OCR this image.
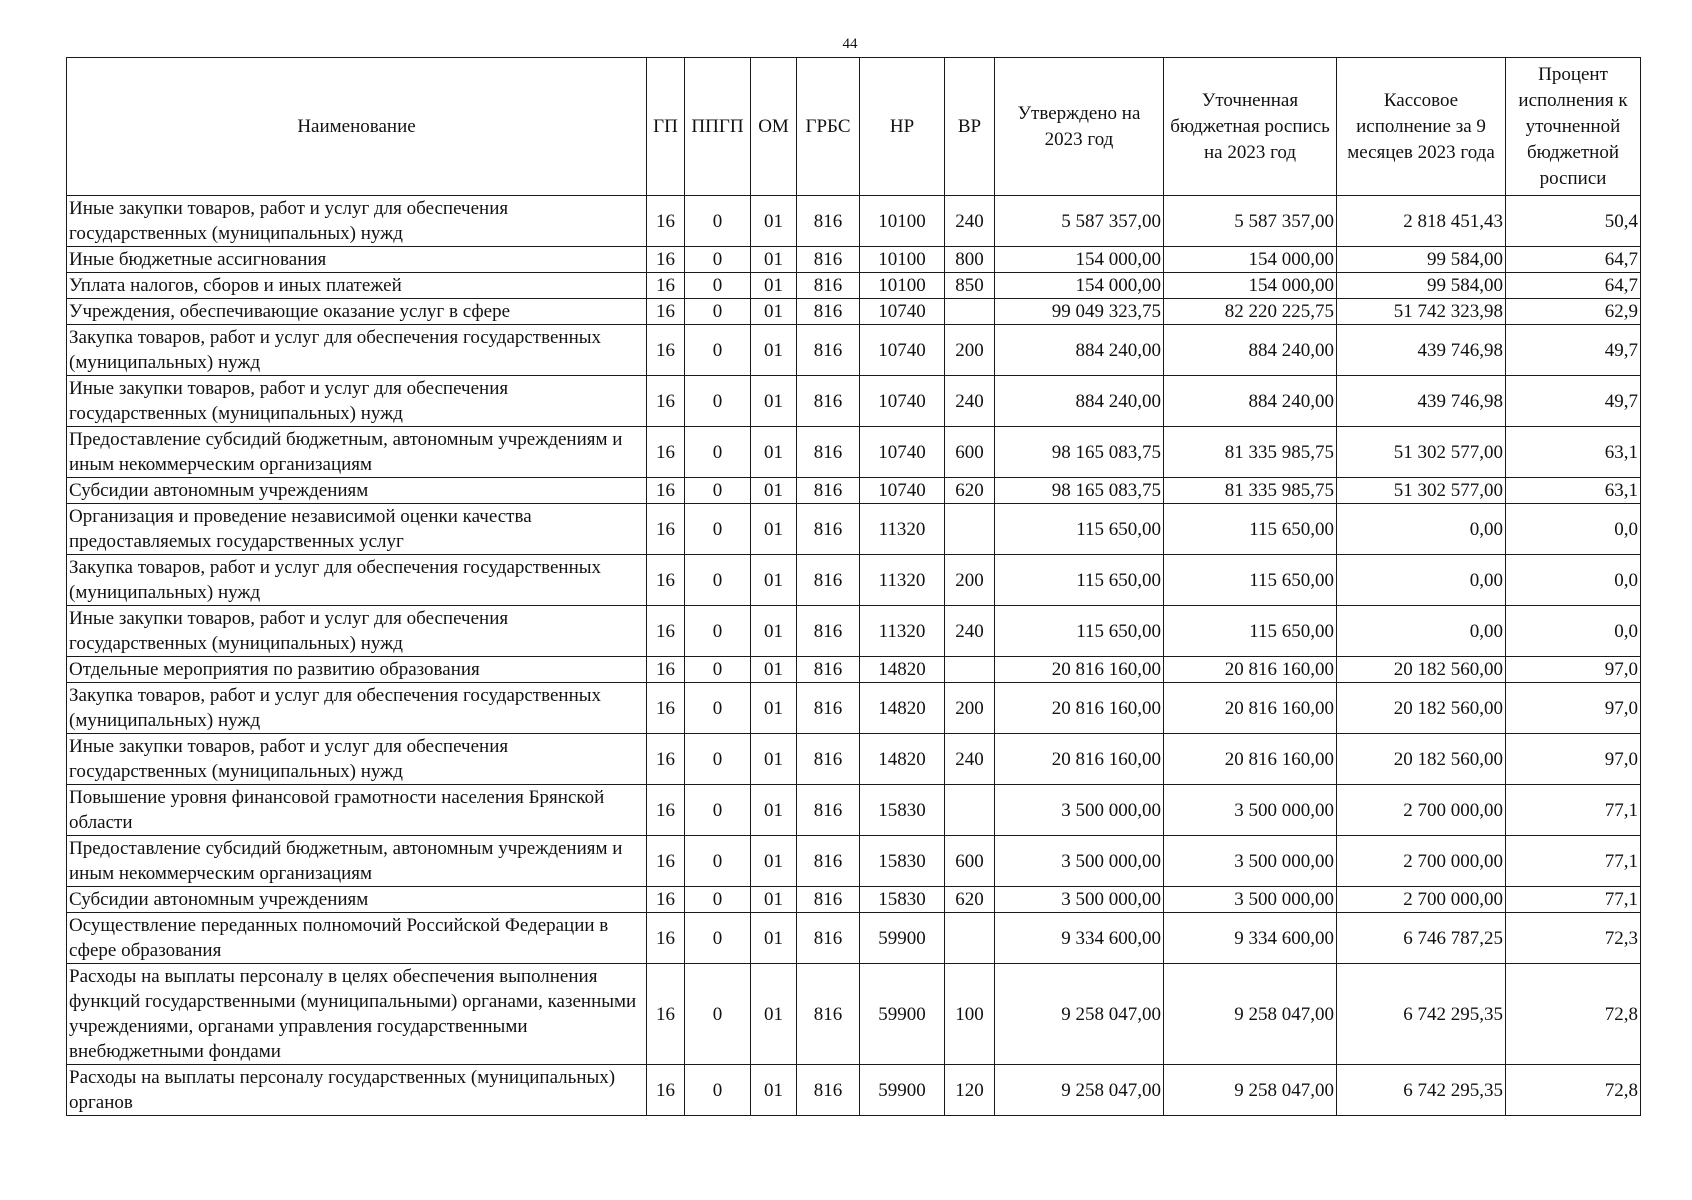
44
Наименование	ГП	ППГП	ОМ	ГРБС	НР	ВР	Утверждено на 2023 год	Уточненная бюджетная роспись на 2023 год	Кассовое исполнение за 9 месяцев 2023 года	Процент исполнения к уточненной бюджетной росписи
Иные закупки товаров, работ и услуг для обеспечения государственных (муниципальных) нужд	16	0	01	816	10100	240	5 587 357,00	5 587 357,00	2 818 451,43	50,4
Иные бюджетные ассигнования	16	0	01	816	10100	800	154 000,00	154 000,00	99 584,00	64,7
Уплата налогов, сборов и иных платежей	16	0	01	816	10100	850	154 000,00	154 000,00	99 584,00	64,7
Учреждения, обеспечивающие оказание услуг в сфере	16	0	01	816	10740		99 049 323,75	82 220 225,75	51 742 323,98	62,9
Закупка товаров, работ и услуг для обеспечения государственных (муниципальных) нужд	16	0	01	816	10740	200	884 240,00	884 240,00	439 746,98	49,7
Иные закупки товаров, работ и услуг для обеспечения государственных (муниципальных) нужд	16	0	01	816	10740	240	884 240,00	884 240,00	439 746,98	49,7
Предоставление субсидий бюджетным, автономным учреждениям и иным некоммерческим организациям	16	0	01	816	10740	600	98 165 083,75	81 335 985,75	51 302 577,00	63,1
Субсидии автономным учреждениям	16	0	01	816	10740	620	98 165 083,75	81 335 985,75	51 302 577,00	63,1
Организация и проведение независимой оценки качества предоставляемых государственных услуг	16	0	01	816	11320		115 650,00	115 650,00	0,00	0,0
Закупка товаров, работ и услуг для обеспечения государственных (муниципальных) нужд	16	0	01	816	11320	200	115 650,00	115 650,00	0,00	0,0
Иные закупки товаров, работ и услуг для обеспечения государственных (муниципальных) нужд	16	0	01	816	11320	240	115 650,00	115 650,00	0,00	0,0
Отдельные мероприятия по развитию образования	16	0	01	816	14820		20 816 160,00	20 816 160,00	20 182 560,00	97,0
Закупка товаров, работ и услуг для обеспечения государственных (муниципальных) нужд	16	0	01	816	14820	200	20 816 160,00	20 816 160,00	20 182 560,00	97,0
Иные закупки товаров, работ и услуг для обеспечения государственных (муниципальных) нужд	16	0	01	816	14820	240	20 816 160,00	20 816 160,00	20 182 560,00	97,0
Повышение уровня финансовой грамотности населения Брянской области	16	0	01	816	15830		3 500 000,00	3 500 000,00	2 700 000,00	77,1
Предоставление субсидий бюджетным, автономным учреждениям и иным некоммерческим организациям	16	0	01	816	15830	600	3 500 000,00	3 500 000,00	2 700 000,00	77,1
Субсидии автономным учреждениям	16	0	01	816	15830	620	3 500 000,00	3 500 000,00	2 700 000,00	77,1
Осуществление переданных полномочий Российской Федерации в сфере образования	16	0	01	816	59900		9 334 600,00	9 334 600,00	6 746 787,25	72,3
Расходы на выплаты персоналу в целях обеспечения выполнения функций государственными (муниципальными) органами, казенными учреждениями, органами управления государственными внебюджетными фондами	16	0	01	816	59900	100	9 258 047,00	9 258 047,00	6 742 295,35	72,8
Расходы на выплаты персоналу государственных (муниципальных) органов	16	0	01	816	59900	120	9 258 047,00	9 258 047,00	6 742 295,35	72,8
